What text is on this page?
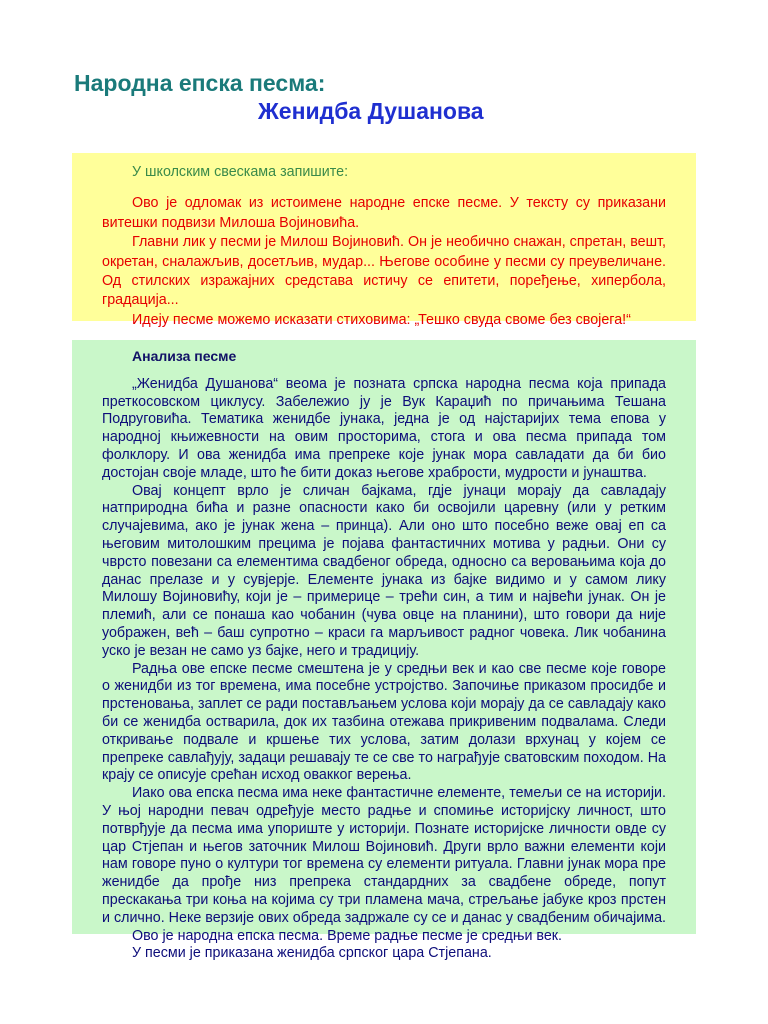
Народна епска песма:
Женидба Душанова

У школским свескама запишите:

Ово је одломак из истоимене народне епске песме. У тексту су приказани витешки подвизи Милоша Војиновића.

Главни лик у песми је Милош Војиновић. Он је необично снажан, спретан, вешт, окретан, сналажљив, досетљив, мудар... Његове особине у песми су преувеличане. Од стилских изражајних средстава истичу се епитети, поређење, хипербола, градација...

Идеју песме можемо исказати стиховима: „Тешко свуда своме без својега!“

Анализа песме

„Женидба Душанова“ веома је позната српска народна песма која припада преткосовском циклусу. Забележио ју је Вук Караџић по причањима Тешана Подруговића. Тематика женидбе јунака, једна је од најстаријих тема епова у народној књижевности на овим просторима, стога и ова песма припада том фолклору. И ова женидба има препреке које јунак мора савладати да би био достојан своје младе, што ће бити доказ његове храбрости, мудрости и јунаштва.

Овај концепт врло је сличан бајкама, гдје јунаци морају да савладају натприродна бића и разне опасности како би освојили царевну (или у ретким случајевима, ако је јунак жена – принца). Али оно што посебно веже овај еп са његовим митолошким прецима је појава фантастичних мотива у радњи. Они су чврсто повезани са елементима свадбеног обреда, односно са веровањима која до данас прелазе и у сувјерје. Елементе јунака из бајке видимо и у самом лику Милошу Војиновићу, који је – примерице – трећи син, а тим и највећи јунак. Он је племић, али се понаша као чобанин (чува овце на планини), што говори да није уображен, већ – баш супротно – краси га марљивост радног човека. Лик чобанина уско је везан не само уз бајке, него и традицију.

Радња ове епске песме смештена је у средњи век и као све песме које говоре о женидби из тог времена, има посебне устројство. Започиње приказом просидбе и прстеновања, заплет се ради постављањем услова који морају да се савладају како би се женидба остварила, док их тазбина отежава прикривеним подвалама. Следи откривање подвале и кршење тих услова, затим долази врхунац у којем се препреке савлађују, задаци решавају те се све то награђује сватовским походом. На крају се описује срећан исход овакког верења.

Иако ова епска песма има неке фантастичне елементе, темељи се на историји. У њој народни певач одређује место радње и спомиње историјску личност, што потврђује да песма има упориште у историји. Познате историјске личности овде су цар Стјепан и његов заточник Милош Војиновић. Други врло важни елементи који нам говоре пуно о култури тог времена су елементи ритуала. Главни јунак мора пре женидбе да прође низ препрека стандардних за свадбене обреде, попут прескакања три коња на којима су три пламена мача, стрељање јабуке кроз прстен и слично. Неке верзије ових обреда задржале су се и данас у свадбеним обичајима.

Ово је народна епска песма. Време радње песме је средњи век.

У песми је приказана женидба српског цара Стјепана.
